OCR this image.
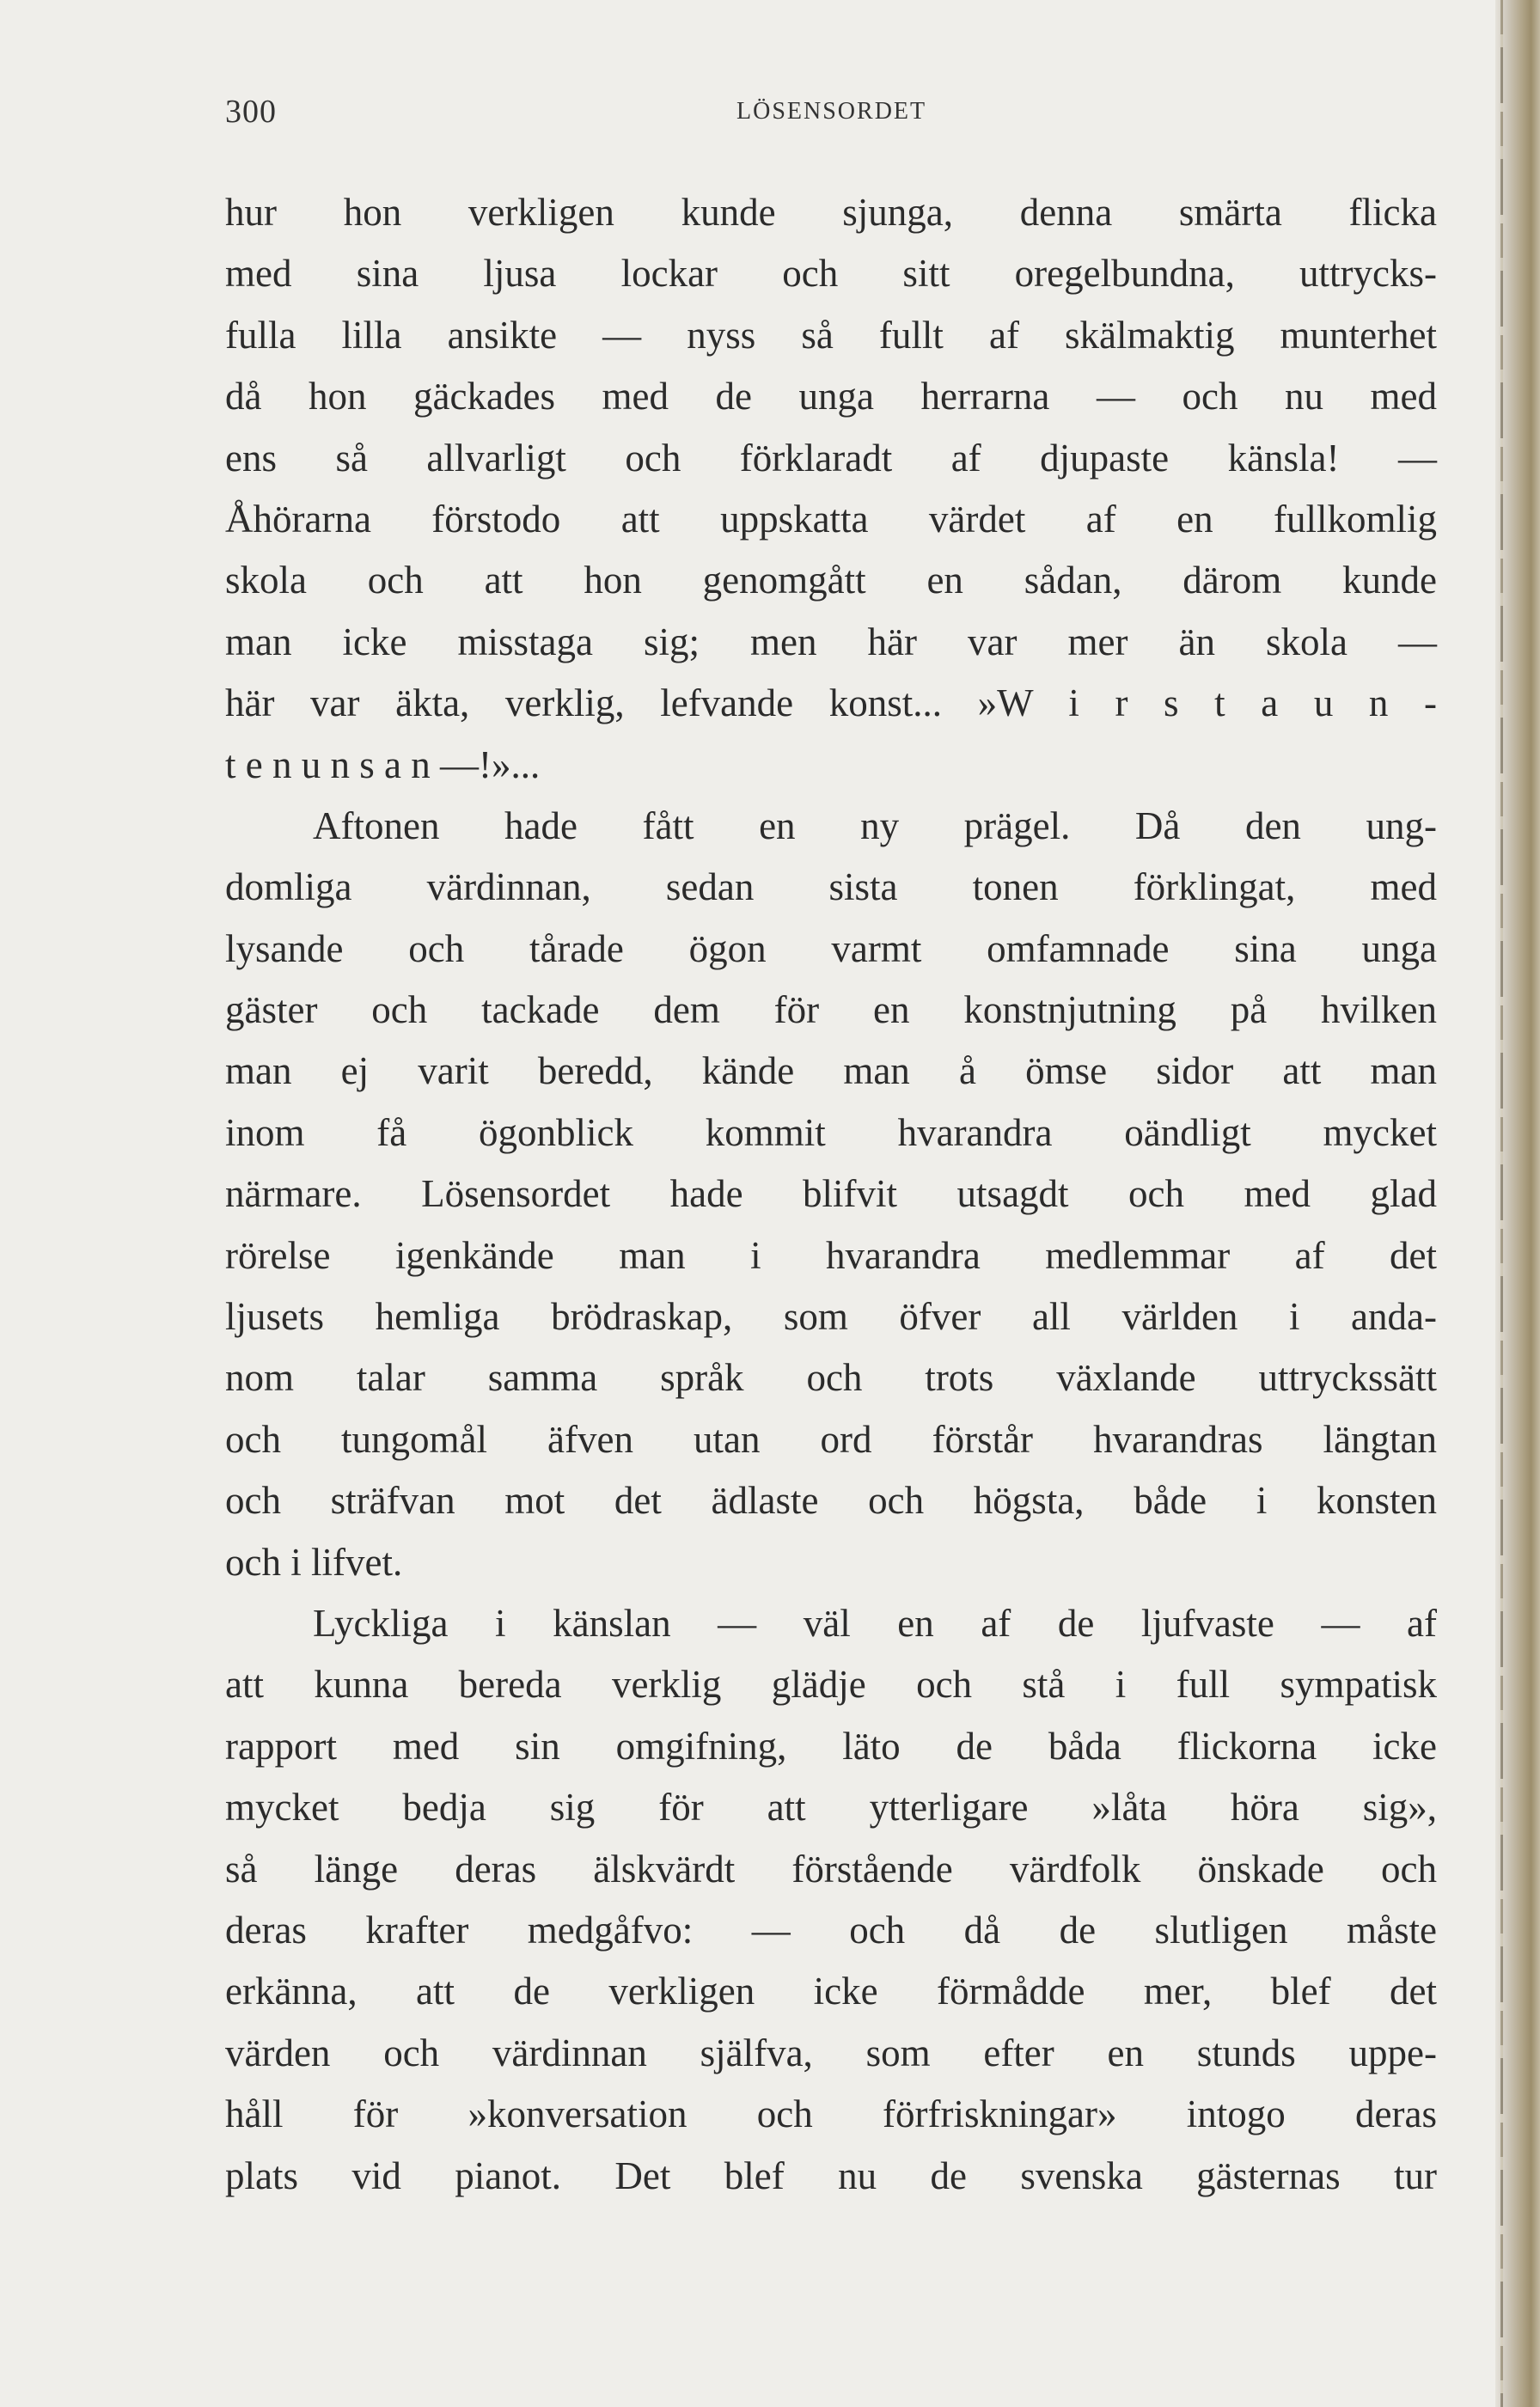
300	LÖSENSORDET
hur hon verkligen kunde sjunga, denna smärta flicka
med sina ljusa lockar och sitt oregelbundna, uttrycks-
fulla lilla ansikte — nyss så fullt af skälmaktig munterhet
då hon gäckades med de unga herrarna — och nu med
ens så allvarligt och förklaradt af djupaste känsla! —
Åhörarna förstodo att uppskatta värdet af en fullkomlig
skola och att hon genomgått en sådan, därom kunde
man icke misstaga sig; men här var mer än skola —
här var äkta, verklig, lefvande konst... »W i r s t a u n -
t e n u n s a n —!»...
Aftonen hade fått en ny prägel. Då den ung-
domliga värdinnan, sedan sista tonen förklingat, med
lysande och tårade ögon varmt omfamnade sina unga
gäster och tackade dem för en konstnjutning på hvilken
man ej varit beredd, kände man å ömse sidor att man
inom få ögonblick kommit hvarandra oändligt mycket
närmare. Lösensordet hade blifvit utsagdt och med glad
rörelse igenkände man i hvarandra medlemmar af det
ljusets hemliga brödraskap, som öfver all världen i anda-
nom talar samma språk och trots växlande uttryckssätt
och tungomål äfven utan ord förstår hvarandras längtan
och sträfvan mot det ädlaste och högsta, både i konsten
och i lifvet.
Lyckliga i känslan — väl en af de ljufvaste — af
att kunna bereda verklig glädje och stå i full sympatisk
rapport med sin omgifning, läto de båda flickorna icke
mycket bedja sig för att ytterligare »låta höra sig»,
så länge deras älskvärdt förstående värdfolk önskade och
deras krafter medgåfvo: — och då de slutligen måste
erkänna, att de verkligen icke förmådde mer, blef det
värden och värdinnan själfva, som efter en stunds uppe-
håll för »konversation och förfriskningar» intogo deras
plats vid pianot. Det blef nu de svenska gästernas tur
